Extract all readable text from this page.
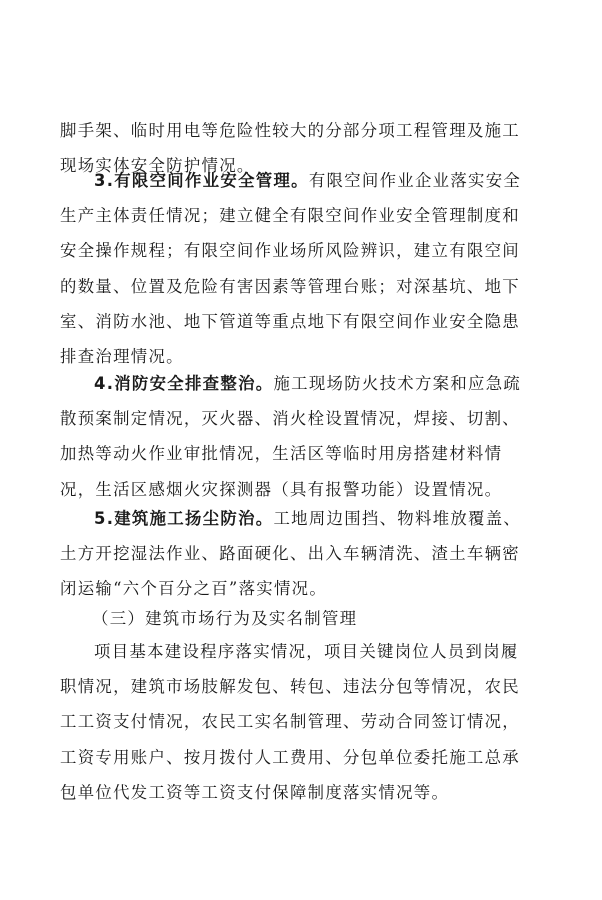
脚手架、临时用电等危险性较大的分部分项工程管理及施工现场实体安全防护情况。

3.有限空间作业安全管理。有限空间作业企业落实安全生产主体责任情况；建立健全有限空间作业安全管理制度和安全操作规程；有限空间作业场所风险辨识，建立有限空间的数量、位置及危险有害因素等管理台账；对深基坑、地下室、消防水池、地下管道等重点地下有限空间作业安全隐患排查治理情况。

4.消防安全排查整治。施工现场防火技术方案和应急疏散预案制定情况，灭火器、消火栓设置情况，焊接、切割、加热等动火作业审批情况，生活区等临时用房搭建材料情况，生活区感烟火灾探测器（具有报警功能）设置情况。

5.建筑施工扬尘防治。工地周边围挡、物料堆放覆盖、土方开挖湿法作业、路面硬化、出入车辆清洗、渣土车辆密闭运输“六个百分之百”落实情况。

（三）建筑市场行为及实名制管理

项目基本建设程序落实情况，项目关键岗位人员到岗履职情况，建筑市场肢解发包、转包、违法分包等情况，农民工工资支付情况，农民工实名制管理、劳动合同签订情况，工资专用账户、按月拨付人工费用、分包单位委托施工总承包单位代发工资等工资支付保障制度落实情况等。
